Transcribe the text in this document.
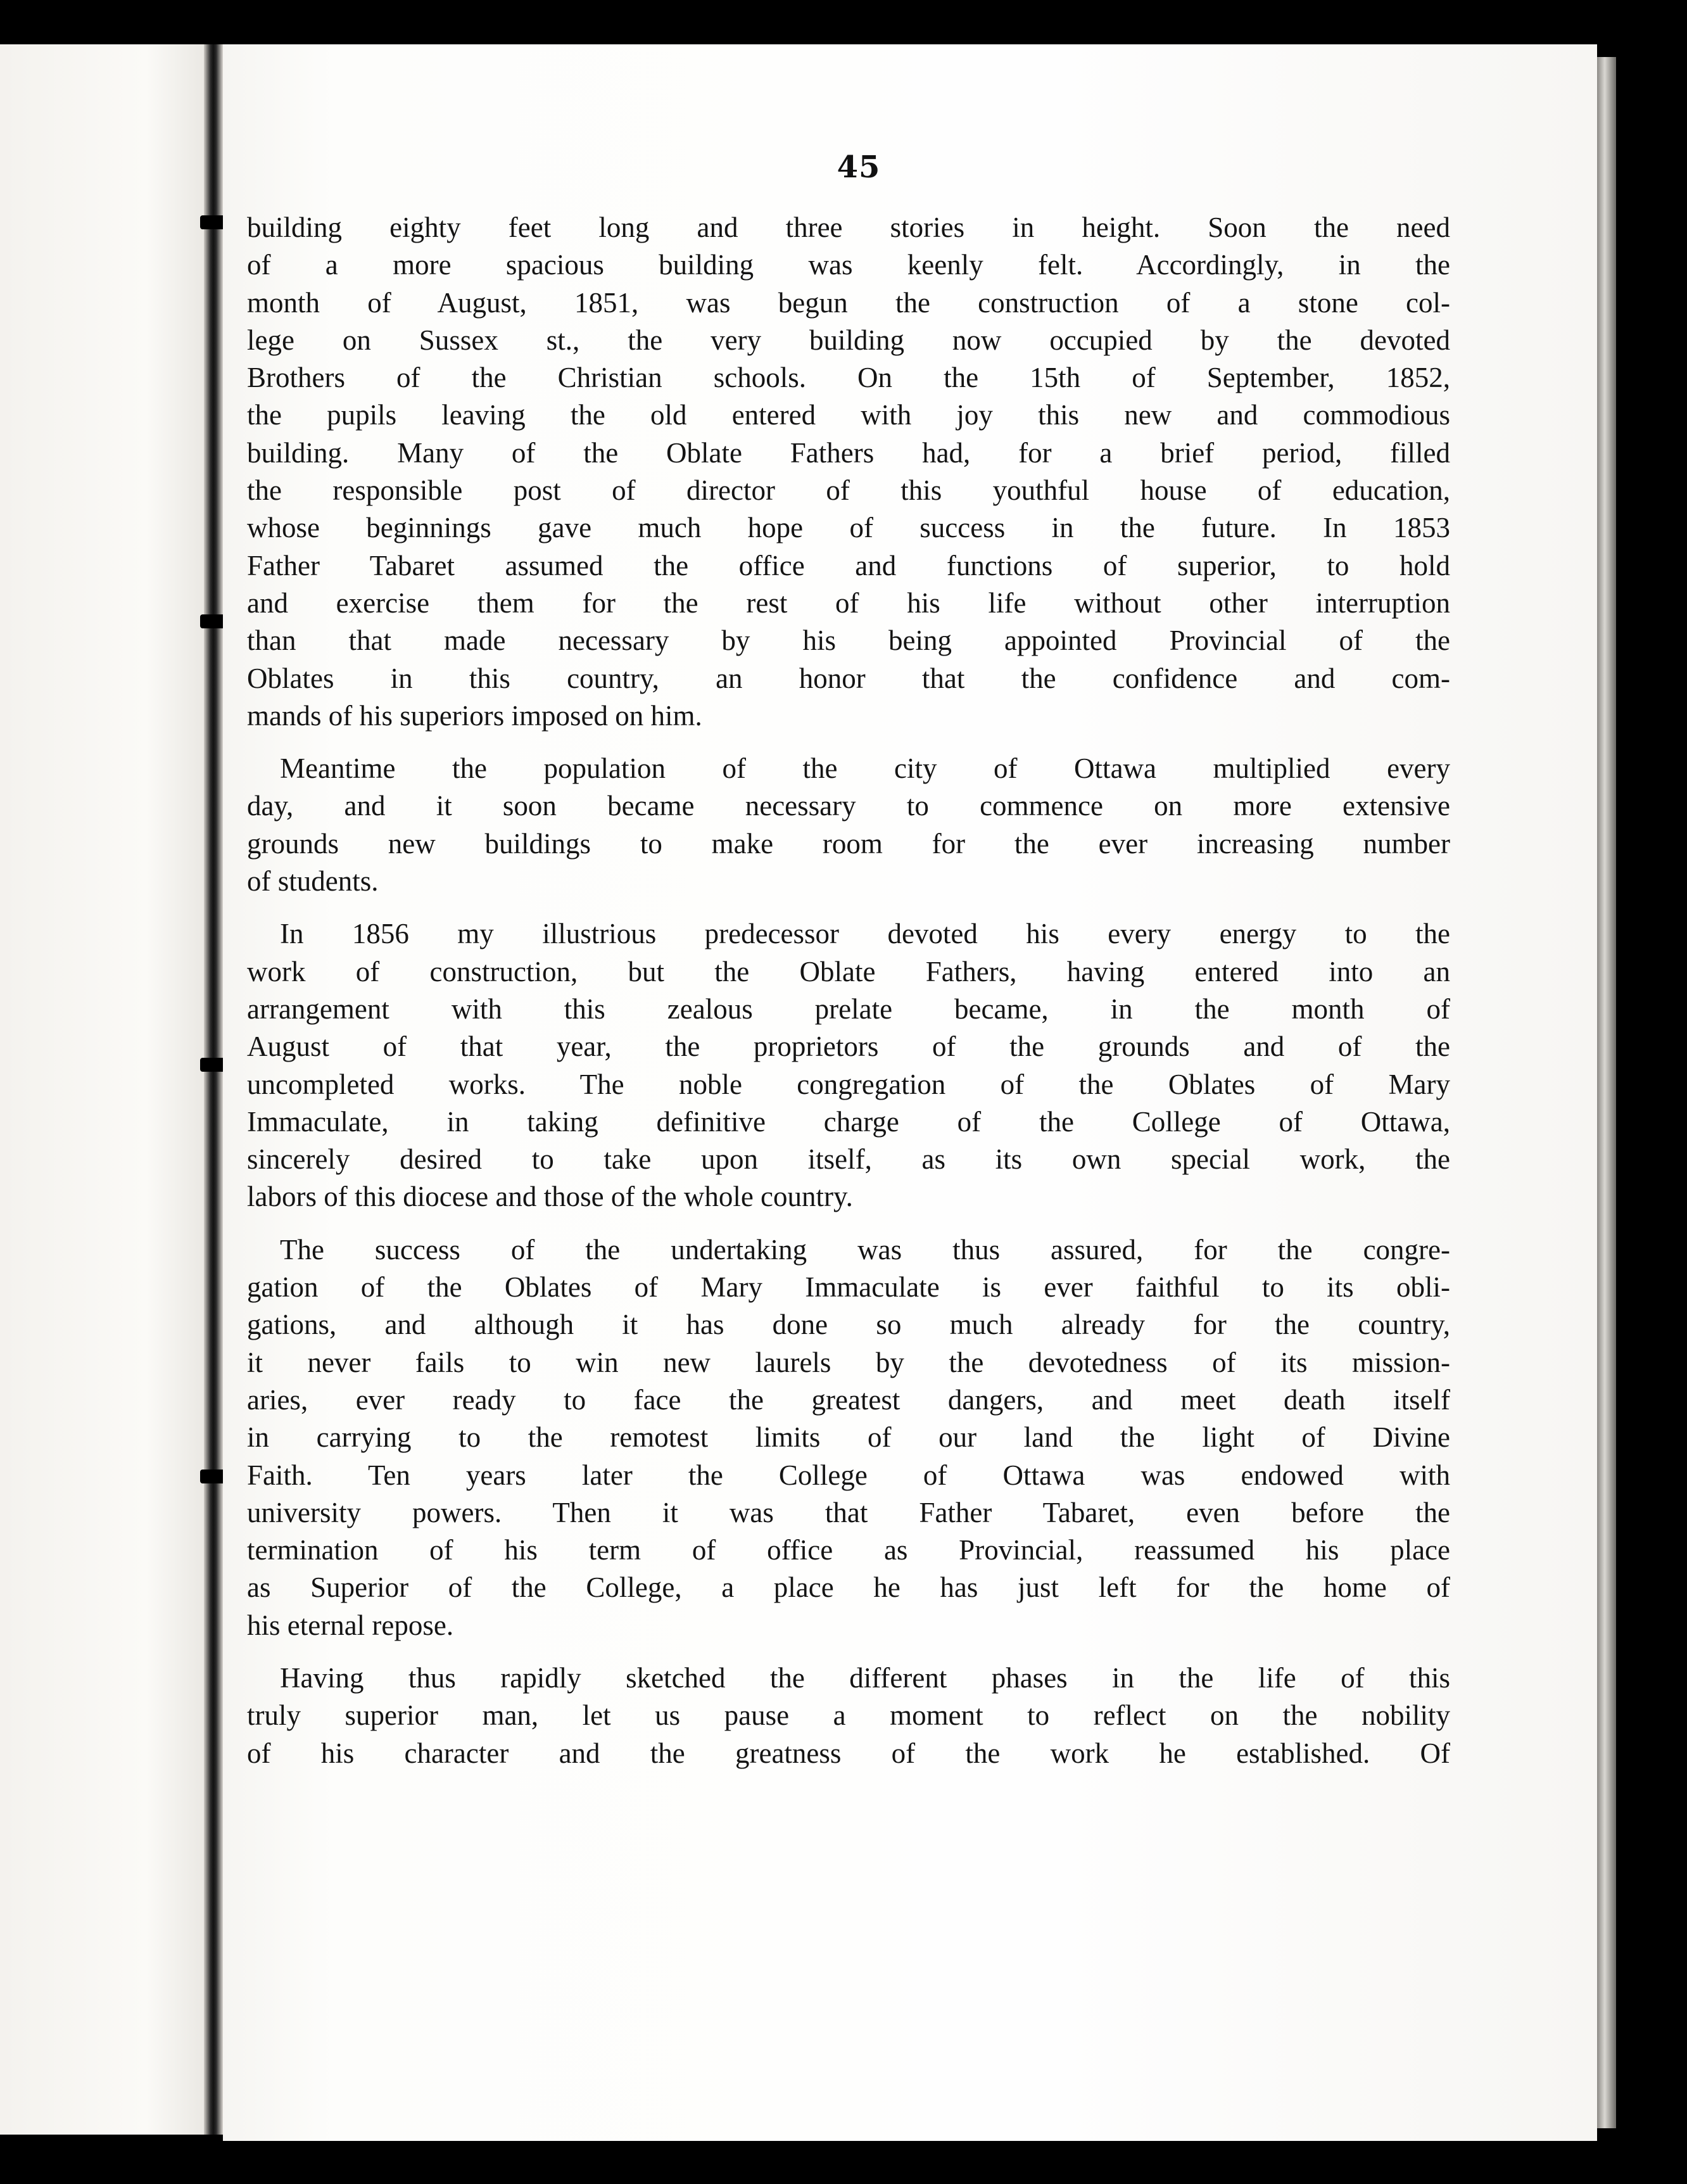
45
building eighty feet long and three stories in height. Soon the need
of a more spacious building was keenly felt. Accordingly, in the
month of August, 1851, was begun the construction of a stone col-
lege on Sussex st., the very building now occupied by the devoted
Brothers of the Christian schools. On the 15th of September, 1852,
the pupils leaving the old entered with joy this new and commodious
building. Many of the Oblate Fathers had, for a brief period, filled
the responsible post of director of this youthful house of education,
whose beginnings gave much hope of success in the future. In 1853
Father Tabaret assumed the office and functions of superior, to hold
and exercise them for the rest of his life without other interruption
than that made necessary by his being appointed Provincial of the
Oblates in this country, an honor that the confidence and com-
mands of his superiors imposed on him.
Meantime the population of the city of Ottawa multiplied every
day, and it soon became necessary to commence on more extensive
grounds new buildings to make room for the ever increasing number
of students.
In 1856 my illustrious predecessor devoted his every energy to the
work of construction, but the Oblate Fathers, having entered into an
arrangement with this zealous prelate became, in the month of
August of that year, the proprietors of the grounds and of the
uncompleted works. The noble congregation of the Oblates of Mary
Immaculate, in taking definitive charge of the College of Ottawa,
sincerely desired to take upon itself, as its own special work, the
labors of this diocese and those of the whole country.
The success of the undertaking was thus assured, for the congre-
gation of the Oblates of Mary Immaculate is ever faithful to its obli-
gations, and although it has done so much already for the country,
it never fails to win new laurels by the devotedness of its mission-
aries, ever ready to face the greatest dangers, and meet death itself
in carrying to the remotest limits of our land the light of Divine
Faith. Ten years later the College of Ottawa was endowed with
university powers. Then it was that Father Tabaret, even before the
termination of his term of office as Provincial, reassumed his place
as Superior of the College, a place he has just left for the home of
his eternal repose.
Having thus rapidly sketched the different phases in the life of this
truly superior man, let us pause a moment to reflect on the nobility
of his character and the greatness of the work he established. Of
